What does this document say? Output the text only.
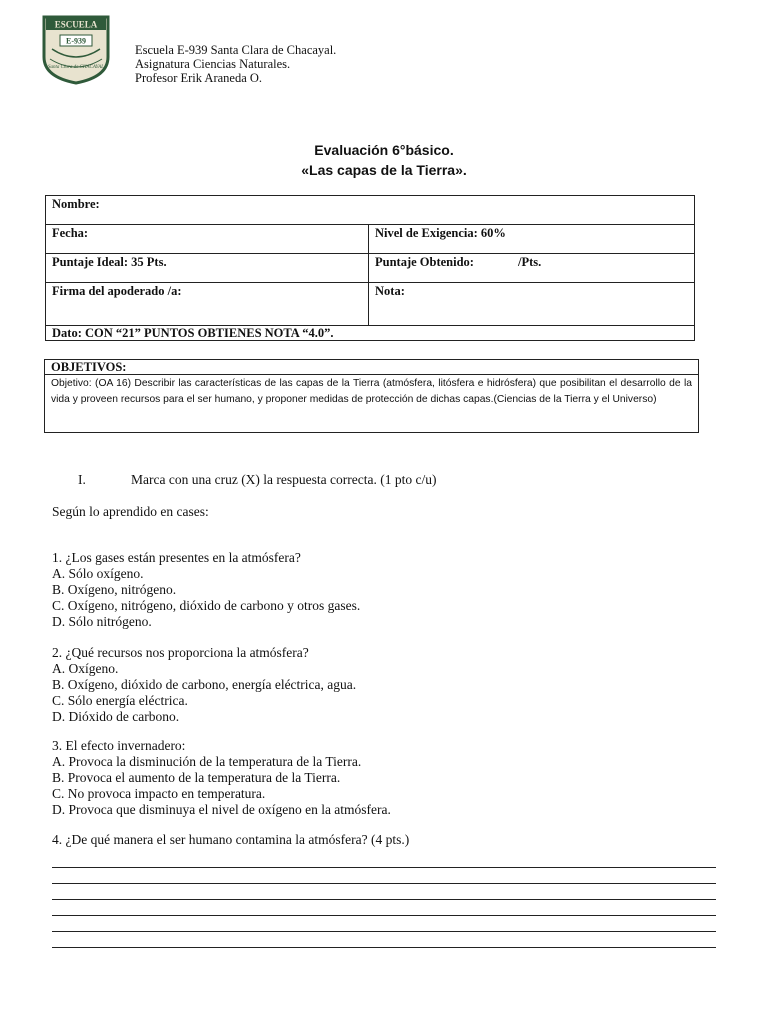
ESCUELA
E-939
Santa Clara de CHACAYAL
Escuela E-939 Santa Clara de Chacayal.
Asignatura Ciencias Naturales.
Profesor Erik Araneda O.
Evaluación 6°básico.
«Las capas de la Tierra».
Nombre:	
Fecha:	Nivel de Exigencia: 60%
Puntaje Ideal: 35 Pts.	Puntaje Obtenido: /Pts.
Firma del apoderado /a:	Nota:
Dato: CON “21” PUNTOS OBTIENES NOTA “4.0”.	
OBJETIVOS:
Objetivo: (OA 16) Describir las características de las capas de la Tierra (atmósfera, litósfera e hidrósfera) que posibilitan el desarrollo de la vida y proveen recursos para el ser humano, y proponer medidas de protección de dichas capas.(Ciencias de la Tierra y el Universo)
I.	Marca con una cruz (X) la respuesta correcta. (1 pto c/u)
Según lo aprendido en cases:
1. ¿Los gases están presentes en la atmósfera?
A. Sólo oxígeno.
B. Oxígeno, nitrógeno.
C. Oxígeno, nitrógeno, dióxido de carbono y otros gases.
D. Sólo nitrógeno.
2. ¿Qué recursos nos proporciona la atmósfera?
A. Oxígeno.
B. Oxígeno, dióxido de carbono, energía eléctrica, agua.
C. Sólo energía eléctrica.
D. Dióxido de carbono.
3. El efecto invernadero:
A. Provoca la disminución de la temperatura de la Tierra.
B. Provoca el aumento de la temperatura de la Tierra.
C. No provoca impacto en temperatura.
D. Provoca que disminuya el nivel de oxígeno en la atmósfera.
4. ¿De qué manera el ser humano contamina la atmósfera? (4 pts.)
